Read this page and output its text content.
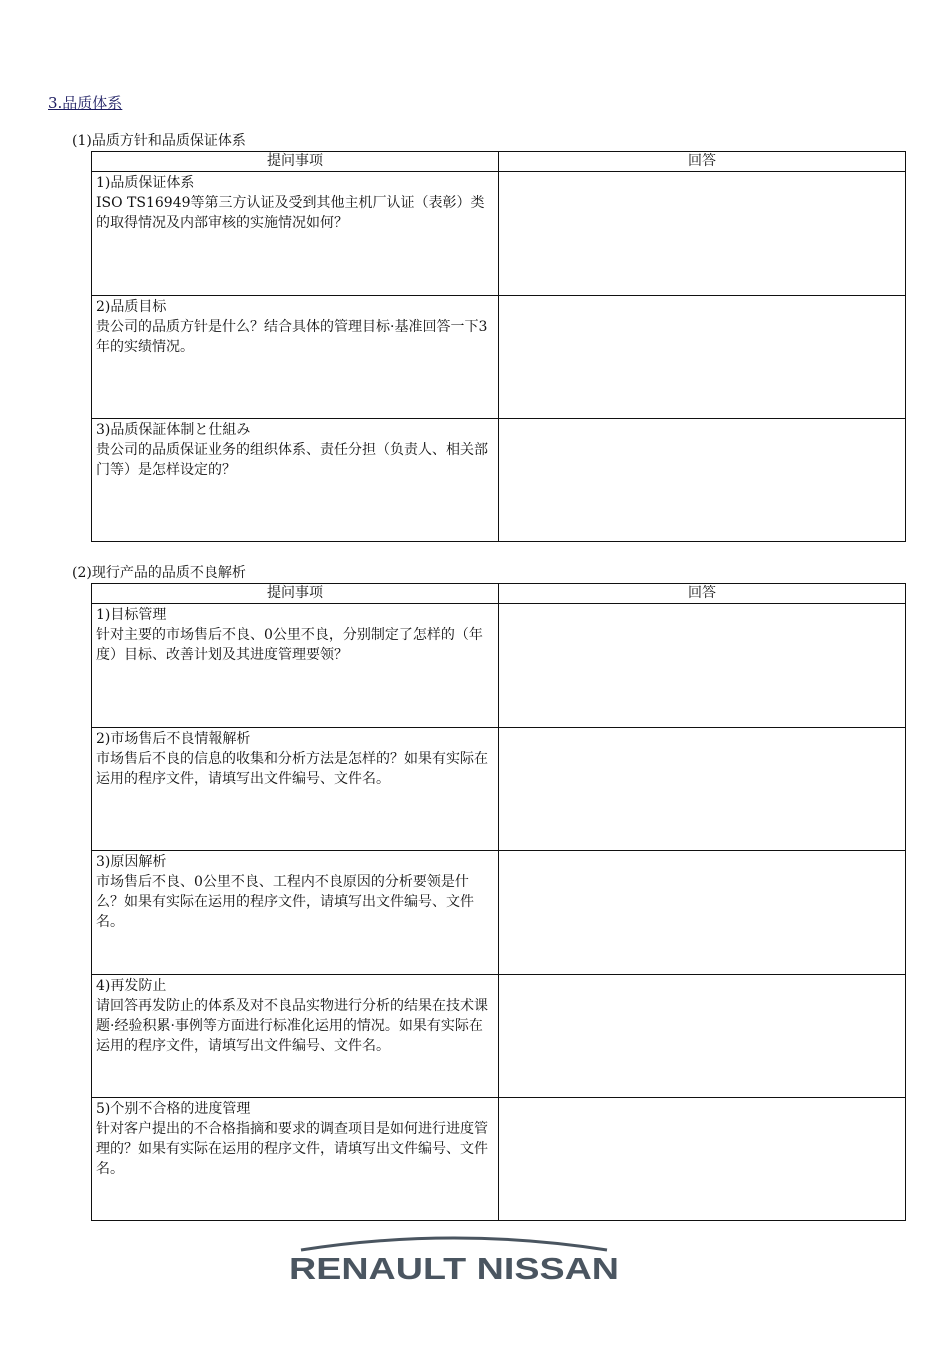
3.品质体系
(1)品质方针和品质保证体系
提问事项	回答

1)品质保证体系
ISO TS16949等第三方认证及受到其他主机厂认证（表彰）类的取得情况及内部审核的实施情况如何？	

2)品质目标
贵公司的品质方针是什么？结合具体的管理目标·基准回答一下3年的实绩情况。	

3)品质保証体制と仕組み
贵公司的品质保证业务的组织体系、责任分担（负责人、相关部门等）是怎样设定的？	

(2)现行产品的品质不良解析
提问事项	回答

1)目标管理
针对主要的市场售后不良、0公里不良，分别制定了怎样的（年度）目标、改善计划及其进度管理要领？	

2)市场售后不良情報解析
市场售后不良的信息的收集和分析方法是怎样的？如果有实际在运用的程序文件，请填写出文件编号、文件名。	

3)原因解析
市场售后不良、0公里不良、工程内不良原因的分析要领是什么？如果有实际在运用的程序文件，请填写出文件编号、文件名。	

4)再发防止
请回答再发防止的体系及对不良品实物进行分析的结果在技术课题·经验积累·事例等方面进行标准化运用的情况。如果有实际在运用的程序文件，请填写出文件编号、文件名。	

5)个别不合格的进度管理
针对客户提出的不合格指摘和要求的调查项目是如何进行进度管理的？如果有实际在运用的程序文件，请填写出文件编号、文件名。	

RENAULT NISSAN
